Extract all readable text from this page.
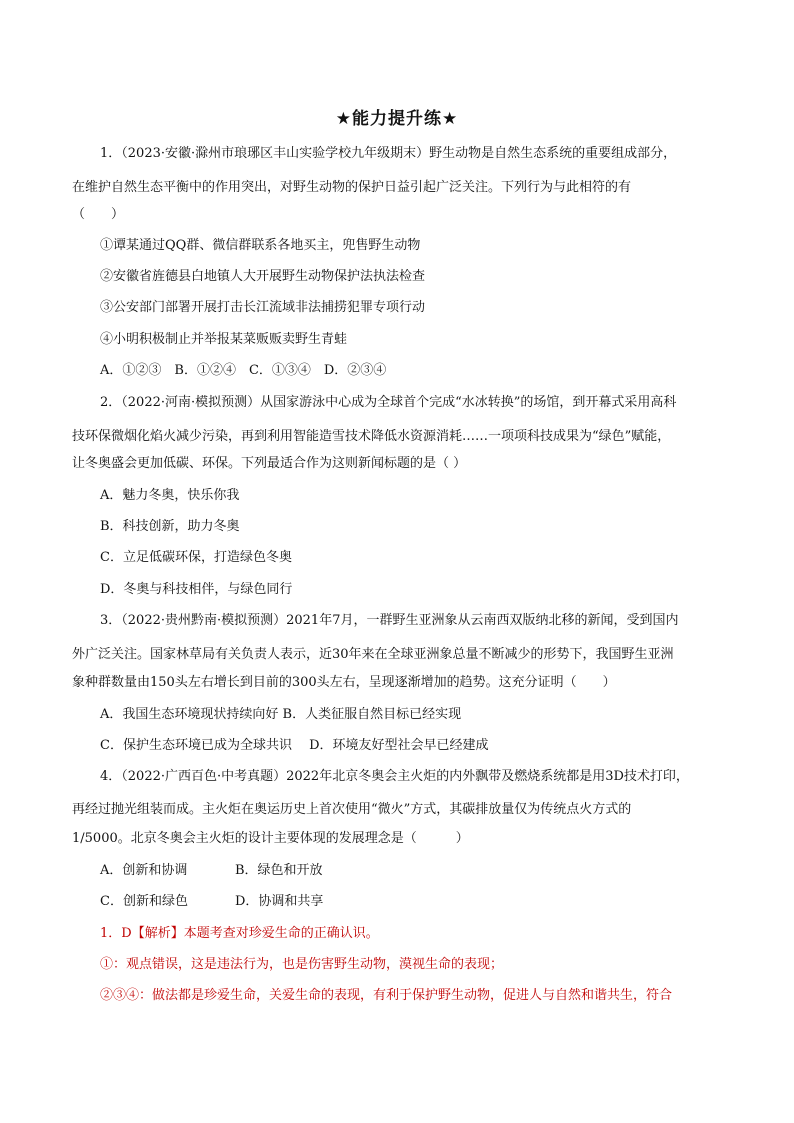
★能力提升练★
1．（2023·安徽·滁州市琅琊区丰山实验学校九年级期末）野生动物是自然生态系统的重要组成部分，
在维护自然生态平衡中的作用突出，对野生动物的保护日益引起广泛关注。下列行为与此相符的有
（　　）
①谭某通过QQ群、微信群联系各地买主，兜售野生动物
②安徽省旌德县白地镇人大开展野生动物保护法执法检查
③公安部门部署开展打击长江流域非法捕捞犯罪专项行动
④小明积极制止并举报某菜贩贩卖野生青蛙
A．①②③　B．①②④　C．①③④　D．②③④
2．（2022·河南·模拟预测）从国家游泳中心成为全球首个完成“水冰转换”的场馆，到开幕式采用高科
技环保微烟化焰火减少污染，再到利用智能造雪技术降低水资源消耗……一项项科技成果为“绿色”赋能，
让冬奥盛会更加低碳、环保。下列最适合作为这则新闻标题的是（ ）
A．魅力冬奥，快乐你我
B．科技创新，助力冬奥
C．立足低碳环保，打造绿色冬奥
D．冬奥与科技相伴，与绿色同行
3．（2022·贵州黔南·模拟预测）2021年7月，一群野生亚洲象从云南西双版纳北移的新闻，受到国内
外广泛关注。国家林草局有关负责人表示，近30年来在全球亚洲象总量不断减少的形势下，我国野生亚洲
象种群数量由150头左右增长到目前的300头左右，呈现逐渐增加的趋势。这充分证明（　　）
A．我国生态环境现状持续向好 B．人类征服自然目标已经实现
C．保护生态环境已成为全球共识　 D．环境友好型社会早已经建成
4．（2022·广西百色·中考真题）2022年北京冬奥会主火炬的内外飘带及燃烧系统都是用3D技术打印，
再经过抛光组装而成。主火炬在奥运历史上首次使用“微火”方式，其碳排放量仅为传统点火方式的
1/5000。北京冬奥会主火炬的设计主要体现的发展理念是（　　　）
A．创新和协调	B．绿色和开放
C．创新和绿色	D．协调和共享
1．D【解析】本题考查对珍爱生命的正确认识。
①：观点错误，这是违法行为，也是伤害野生动物，漠视生命的表现；
②③④：做法都是珍爱生命，关爱生命的表现，有利于保护野生动物，促进人与自然和谐共生，符合
